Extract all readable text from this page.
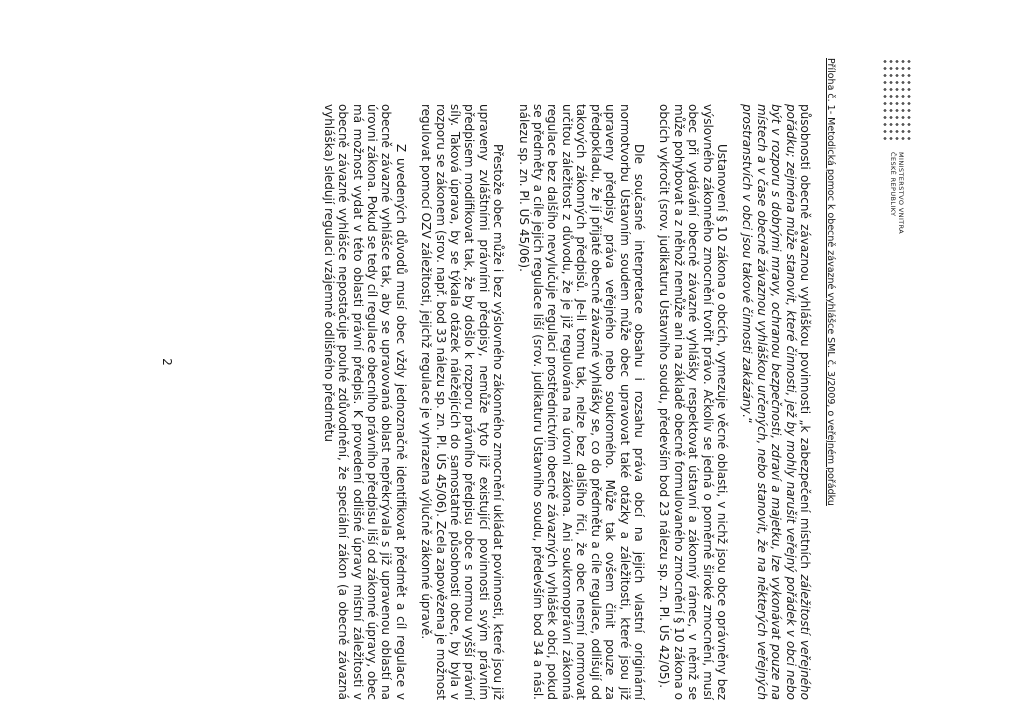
MINISTERSTVO VNITRA
ČESKÉ REPUBLIKY
Příloha č. 1- Metodická pomoc k obecně závazné vyhlášce SML č. 3/2009, o veřejném pořádku

působnosti obecně závaznou vyhláškou povinnosti „k zabezpečení místních záležitostí veřejného pořádku; zejména může stanovit, které činnosti, jež by mohly narušit veřejný pořádek v obci nebo být v rozporu s dobrými mravy, ochranou bezpečnosti, zdraví a majetku, lze vykonávat pouze na místech a v čase obecně závaznou vyhláškou určených, nebo stanovit, že na některých veřejných prostranstvích v obci jsou takové činnosti zakázány.“

Ustanovení § 10 zákona o obcích, vymezuje věcné oblasti, v nichž jsou obce oprávněny bez výslovného zákonného zmocnění tvořit právo. Ačkoliv se jedná o poměrně široké zmocnění, musí obec při vydávání obecně závazné vyhlášky respektovat ústavní a zákonný rámec, v němž se může pohybovat a z něhož nemůže ani na základě obecně formulovaného zmocnění § 10 zákona o obcích vykročit (srov. judikaturu Ústavního soudu, především bod 23 nálezu sp. zn. Pl. ÚS 42/05).

Dle současné interpretace obsahu i rozsahu práva obcí na jejich vlastní originární normotvorbu Ústavním soudem může obec upravovat také otázky a záležitosti, které jsou již upraveny předpisy práva veřejného nebo soukromého. Může tak ovšem činit pouze za předpokladu, že jí přijaté obecně závazné vyhlášky se, co do předmětu a cíle regulace, odlišují od takových zákonných předpisů. Je-li tomu tak, nelze bez dalšího říci, že obec nesmí normovat určitou záležitost z důvodu, že je již regulována na úrovni zákona. Ani soukromoprávní zákonná regulace bez dalšího nevylučuje regulaci prostřednictvím obecně závazných vyhlášek obcí, pokud se předměty a cíle jejich regulace liší (srov. judikaturu Ústavního soudu, především bod 34 a násl. nálezu sp. zn. Pl. ÚS 45/06).

Přestože obec může i bez výslovného zákonného zmocnění ukládat povinnosti, které jsou již upraveny zvláštními právními předpisy, nemůže tyto již existující povinnosti svým právním předpisem modifikovat tak, že by došlo k rozporu právního předpisu obce s normou vyšší právní síly. Taková úprava, by se týkala otázek náležejících do samostatné působnosti obce, by byla v rozporu se zákonem (srov. např. bod 33 nálezu sp. zn. Pl. ÚS 45/06). Zcela zapovězena je možnost regulovat pomocí OZV záležitosti, jejichž regulace je vyhrazena výlučně zákonné úpravě.

Z uvedených důvodů musí obec vždy jednoznačně identifikovat předmět a cíl regulace v obecně závazné vyhlášce tak, aby se upravovaná oblast nepřekrývala s již upravenou oblastí na úrovni zákona. Pokud se tedy cíl regulace obecního právního předpisu liší od zákonné úpravy, obec má možnost vydat v této oblasti právní předpis. K provedení odlišné úpravy místní záležitosti v obecně závazné vyhlášce nepostačuje pouhé zdůvodnění, že speciální zákon (a obecně závazná vyhláška) sledují regulaci vzájemně odlišného předmětu

2
